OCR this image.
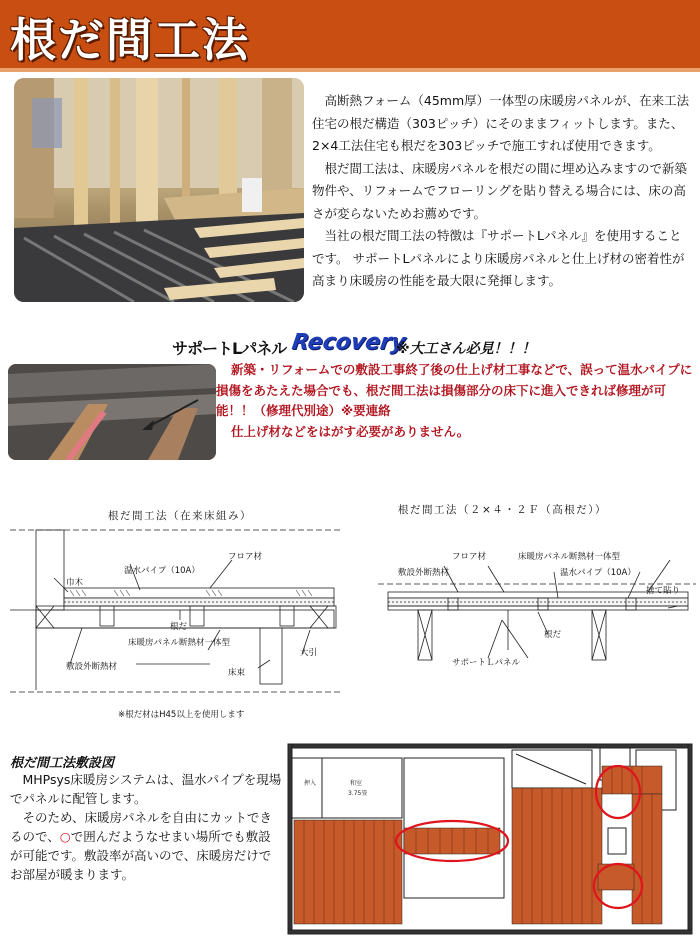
根だ間工法

高断熱フォーム（45mm厚）一体型の床暖房パネルが、在来工法住宅の根だ構造（303ピッチ）にそのままフィットします。また、2×4工法住宅も根だを303ピッチで施工すれば使用できます。

根だ間工法は、床暖房パネルを根だの間に埋め込みますので新築物件や、リフォームでフローリングを貼り替える場合には、床の高さが変らないためお薦めです。

当社の根だ間工法の特徴は『サポートLパネル』を使用することです。 サポートLパネルにより床暖房パネルと仕上げ材の密着性が高まり床暖房の性能を最大限に発揮します。

サポートLパネル Recovery
※大工さん必見！！！

新築・リフォームでの敷設工事終了後の仕上げ材工事などで、誤って温水パイプに損傷をあたえた場合でも、根だ間工法は損傷部分の床下に進入できれば修理が可能！！（修理代別途）※要連絡

仕上げ材などをはがす必要がありません。

根だ間工法（在来床組み）
巾木
フロア材
温水パイプ（10A）
根だ
床暖房パネル断熱材一体型
大引
敷設外断熱材
床束
※根だ材はH45以上を使用します
根だ間工法（２×４・２Ｆ（高根だ））
フロア材	床暖房パネル断熱材一体型
敷設外断熱材	温水パイプ（10A）
捨て貼り
根だ
サポートＬパネル
根だ間工法敷設図

MHPsys床暖房システムは、温水パイプを現場でパネルに配管します。

そのため、床暖房パネルを自由にカットできるので、○で囲んだようなせまい場所でも敷設が可能です。敷設率が高いので、床暖房だけでお部屋が暖まります。

押入	和室
3.75畳
